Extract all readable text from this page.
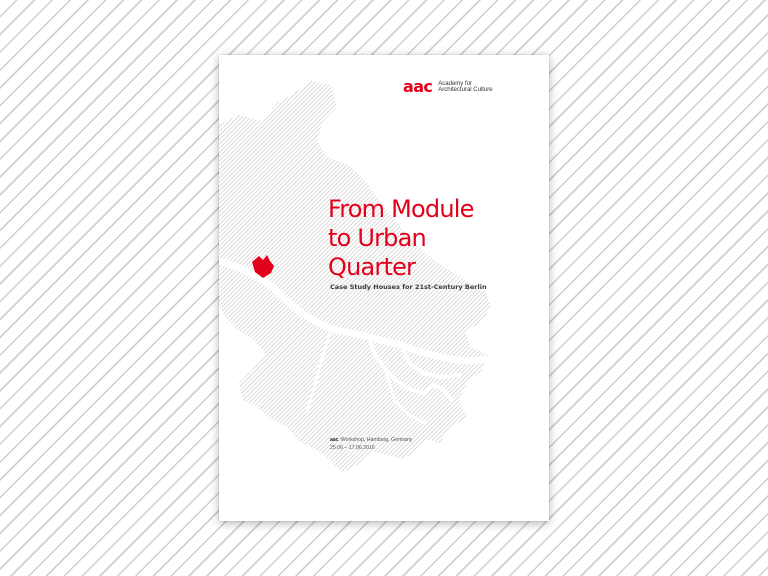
aac Academy for
Architectural Culture
From Module
to Urban
Quarter
Case Study Houses for 21st-Century Berlin
aac Workshop, Hamburg, Germany
25.06 – 17.06.2016
